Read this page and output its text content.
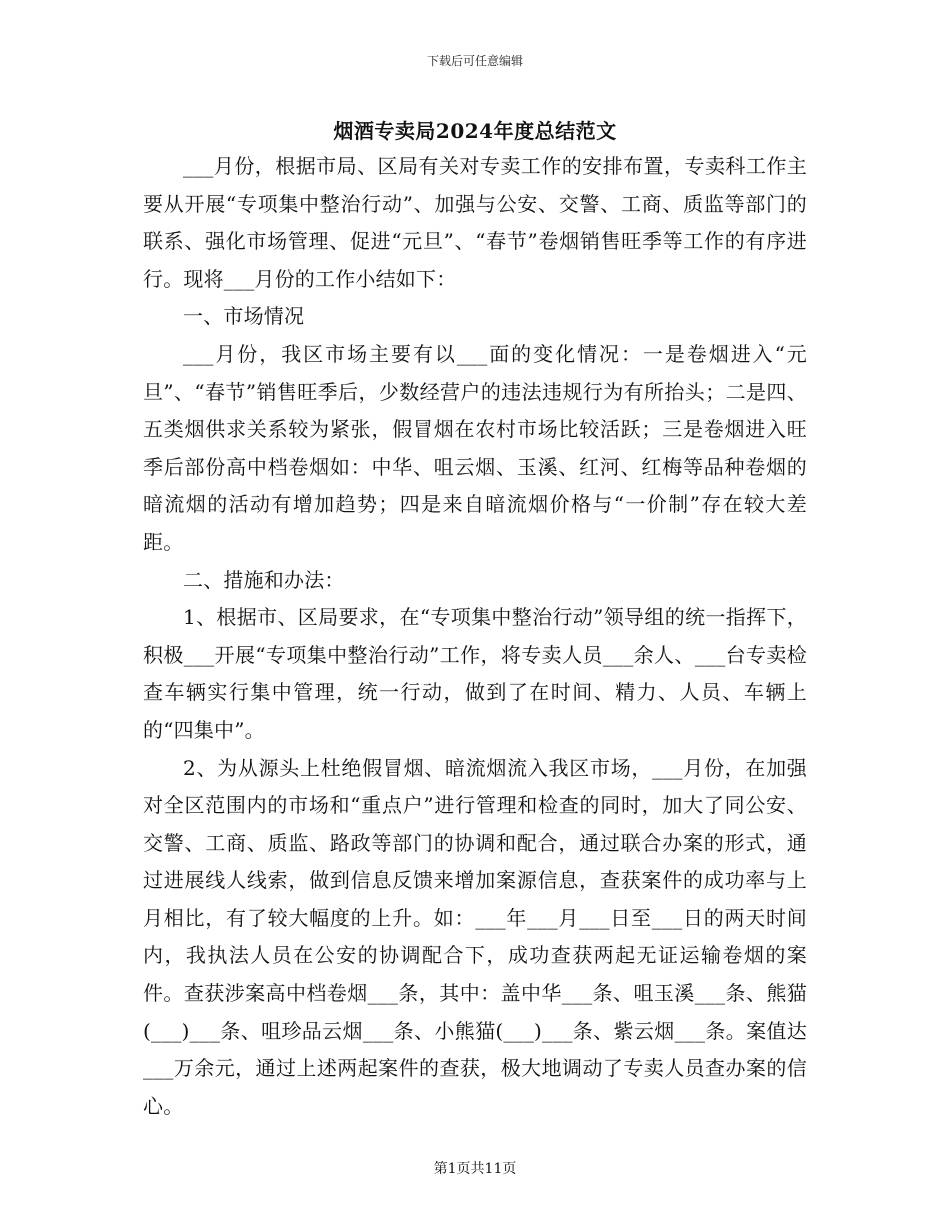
下载后可任意编辑
烟酒专卖局2024年度总结范文

___月份，根据市局、区局有关对专卖工作的安排布置，专卖科工作主要从开展“专项集中整治行动”、加强与公安、交警、工商、质监等部门的联系、强化市场管理、促进“元旦”、“春节”卷烟销售旺季等工作的有序进行。现将___月份的工作小结如下：

一、市场情况

___月份，我区市场主要有以___面的变化情况：一是卷烟进入“元旦”、“春节”销售旺季后，少数经营户的违法违规行为有所抬头；二是四、五类烟供求关系较为紧张，假冒烟在农村市场比较活跃；三是卷烟进入旺季后部份高中档卷烟如：中华、咀云烟、玉溪、红河、红梅等品种卷烟的暗流烟的活动有增加趋势；四是来自暗流烟价格与“一价制”存在较大差距。

二、措施和办法：

1、根据市、区局要求，在“专项集中整治行动”领导组的统一指挥下，积极___开展“专项集中整治行动”工作，将专卖人员___余人、___台专卖检查车辆实行集中管理，统一行动，做到了在时间、精力、人员、车辆上的“四集中”。

2、为从源头上杜绝假冒烟、暗流烟流入我区市场，___月份，在加强对全区范围内的市场和“重点户”进行管理和检查的同时，加大了同公安、交警、工商、质监、路政等部门的协调和配合，通过联合办案的形式，通过进展线人线索，做到信息反馈来增加案源信息，查获案件的成功率与上月相比，有了较大幅度的上升。如：___年___月___日至___日的两天时间内，我执法人员在公安的协调配合下，成功查获两起无证运输卷烟的案件。查获涉案高中档卷烟___条，其中：盖中华___条、咀玉溪___条、熊猫(___)___条、咀珍品云烟___条、小熊猫(___)___条、紫云烟___条。案值达___万余元，通过上述两起案件的查获，极大地调动了专卖人员查办案的信心。

第1页共11页
